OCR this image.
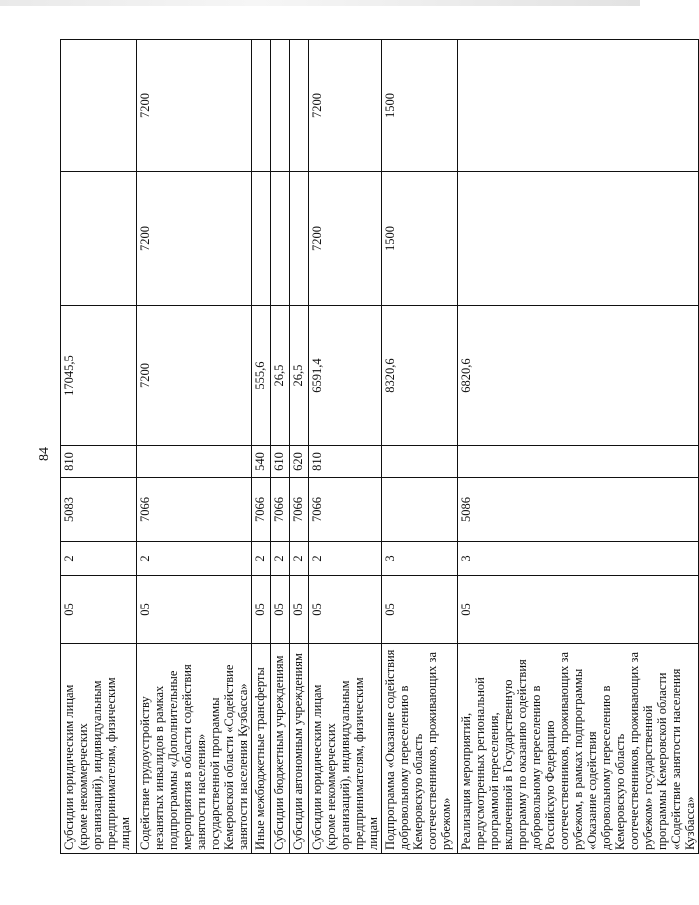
84
Субсидии юридическим лицам (кроме некоммерческих организаций), индивидуальным предпринимателям, физическим лицам	05	2	5083	810	17045,5		
Содействие трудоустройству незанятых инвалидов в рамках подпрограммы «Дополнительные мероприятия в области содействия занятости населения» государственной программы Кемеровской области «Содействие занятости населения Кузбасса»	05	2	7066		7200	7200	7200
Иные межбюджетные трансферты	05	2	7066	540	555,6		
Субсидии бюджетным учреждениям	05	2	7066	610	26,5		
Субсидии автономным учреждениям	05	2	7066	620	26,5		
Субсидии юридическим лицам (кроме некоммерческих организаций), индивидуальным предпринимателям, физическим лицам	05	2	7066	810	6591,4	7200	7200
Подпрограмма «Оказание содействия добровольному переселению в Кемеровскую область соотечественников, проживающих за рубежом»	05	3			8320,6	1500	1500
Реализация мероприятий, предусмотренных региональной программой переселения, включенной в Государственную программу по оказанию содействия добровольному переселению в Российскую Федерацию соотечественников, проживающих за рубежом, в рамках подпрограммы «Оказание содействия добровольному переселению в Кемеровскую область соотечественников, проживающих за рубежом» государственной программы Кемеровской области «Содействие занятости населения Кузбасса»	05	3	5086		6820,6		
